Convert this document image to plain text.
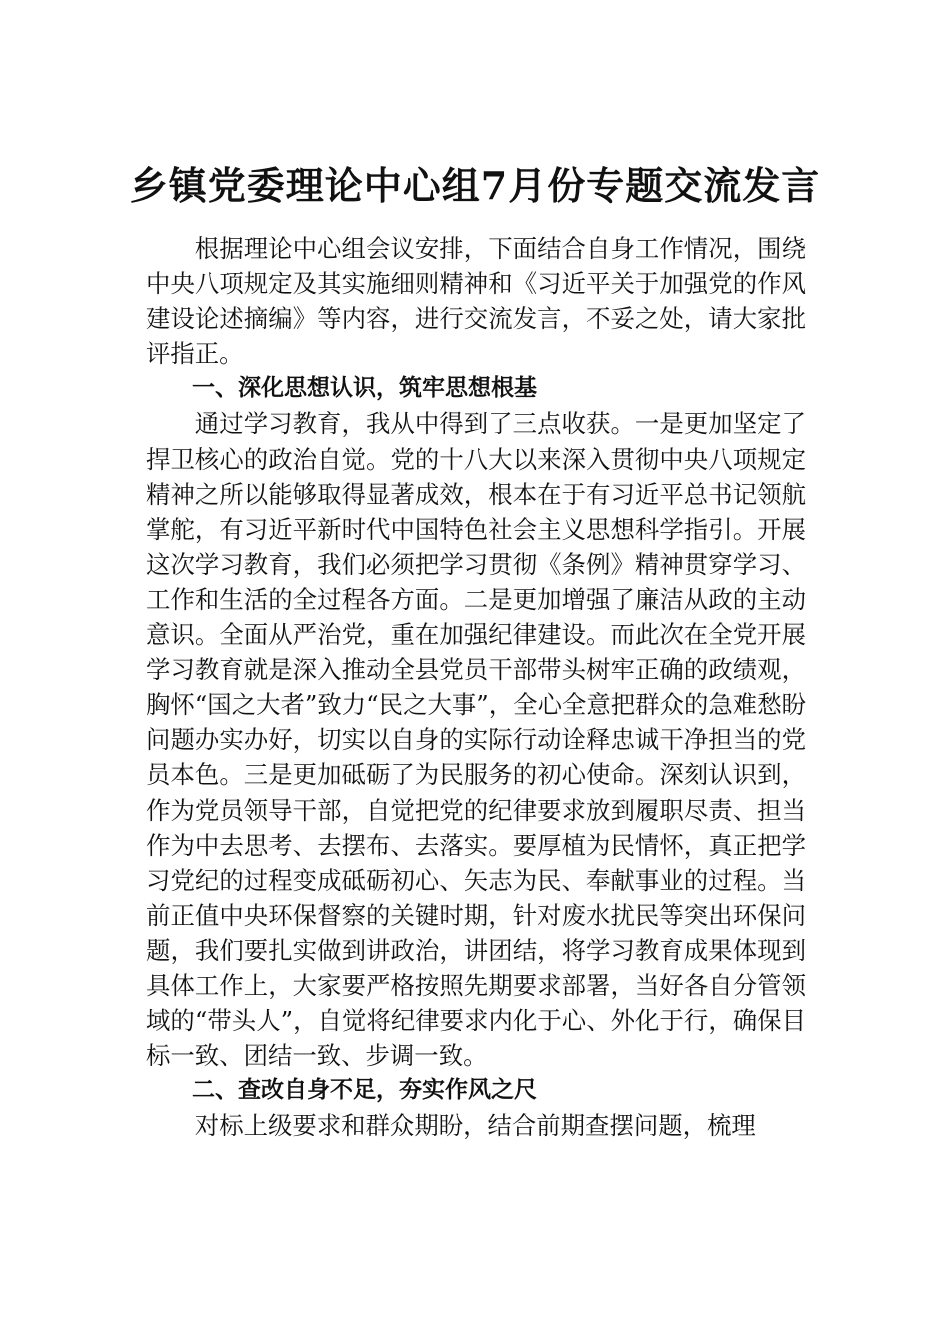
乡镇党委理论中心组7月份专题交流发言

根据理论中心组会议安排，下面结合自身工作情况，围绕中央八项规定及其实施细则精神和《习近平关于加强党的作风建设论述摘编》等内容，进行交流发言，不妥之处，请大家批评指正。

一、深化思想认识，筑牢思想根基

通过学习教育，我从中得到了三点收获。一是更加坚定了捍卫核心的政治自觉。党的十八大以来深入贯彻中央八项规定精神之所以能够取得显著成效，根本在于有习近平总书记领航掌舵，有习近平新时代中国特色社会主义思想科学指引。开展这次学习教育，我们必须把学习贯彻《条例》精神贯穿学习、工作和生活的全过程各方面。二是更加增强了廉洁从政的主动意识。全面从严治党，重在加强纪律建设。而此次在全党开展学习教育就是深入推动全县党员干部带头树牢正确的政绩观，胸怀“国之大者”致力“民之大事”，全心全意把群众的急难愁盼问题办实办好，切实以自身的实际行动诠释忠诚干净担当的党员本色。三是更加砥砺了为民服务的初心使命。深刻认识到，作为党员领导干部，自觉把党的纪律要求放到履职尽责、担当作为中去思考、去摆布、去落实。要厚植为民情怀，真正把学习党纪的过程变成砥砺初心、矢志为民、奉献事业的过程。当前正值中央环保督察的关键时期，针对废水扰民等突出环保问题，我们要扎实做到讲政治，讲团结，将学习教育成果体现到具体工作上，大家要严格按照先期要求部署，当好各自分管领域的“带头人”，自觉将纪律要求内化于心、外化于行，确保目标一致、团结一致、步调一致。

二、查改自身不足，夯实作风之尺

对标上级要求和群众期盼，结合前期查摆问题，梳理
